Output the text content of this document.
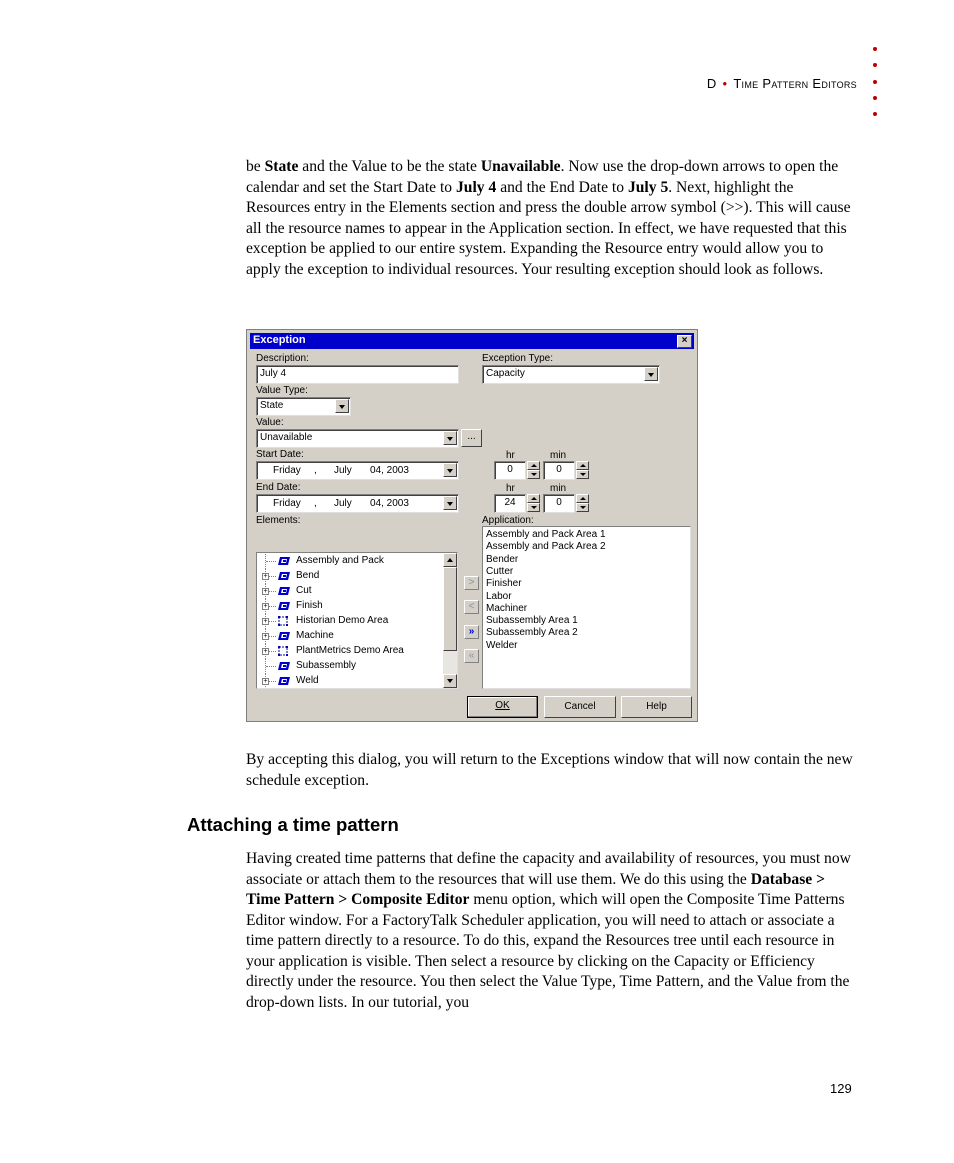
D • Time Pattern Editors
be State and the Value to be the state Unavailable. Now use the drop-down arrows to open the calendar and set the Start Date to July 4 and the End Date to July 5. Next, highlight the Resources entry in the Elements section and press the double arrow symbol (>>). This will cause all the resource names to appear in the Application section. In effect, we have requested that this exception be applied to our entire system. Expanding the Resource entry would allow you to apply the exception to individual resources. Your resulting exception should look as follows.
Exception	×
Description:
July 4
Exception Type:
Capacity
Value Type:
State
Value:
Unavailable	...
Start Date:
Friday , July 04, 2003
hr	min
0	0
End Date:
Friday , July 04, 2003
hr	min
24	0
Elements:	Application:
Assembly and Pack
+	Bend
+	Cut
+	Finish
+	Historian Demo Area
+	Machine
+	PlantMetrics Demo Area
Subassembly
+	Weld
>
<
»
«
Assembly and Pack Area 1
Assembly and Pack Area 2
Bender
Cutter
Finisher
Labor
Machiner
Subassembly Area 1
Subassembly Area 2
Welder
OK	Cancel	Help
By accepting this dialog, you will return to the Exceptions window that will now contain the new schedule exception.
Attaching a time pattern
Having created time patterns that define the capacity and availability of resources, you must now associate or attach them to the resources that will use them. We do this using the Database > Time Pattern > Composite Editor menu option, which will open the Composite Time Patterns Editor window. For a FactoryTalk Scheduler application, you will need to attach or associate a time pattern directly to a resource. To do this, expand the Resources tree until each resource in your application is visible. Then select a resource by clicking on the Capacity or Efficiency directly under the resource. You then select the Value Type, Time Pattern, and the Value from the drop-down lists. In our tutorial, you
129
